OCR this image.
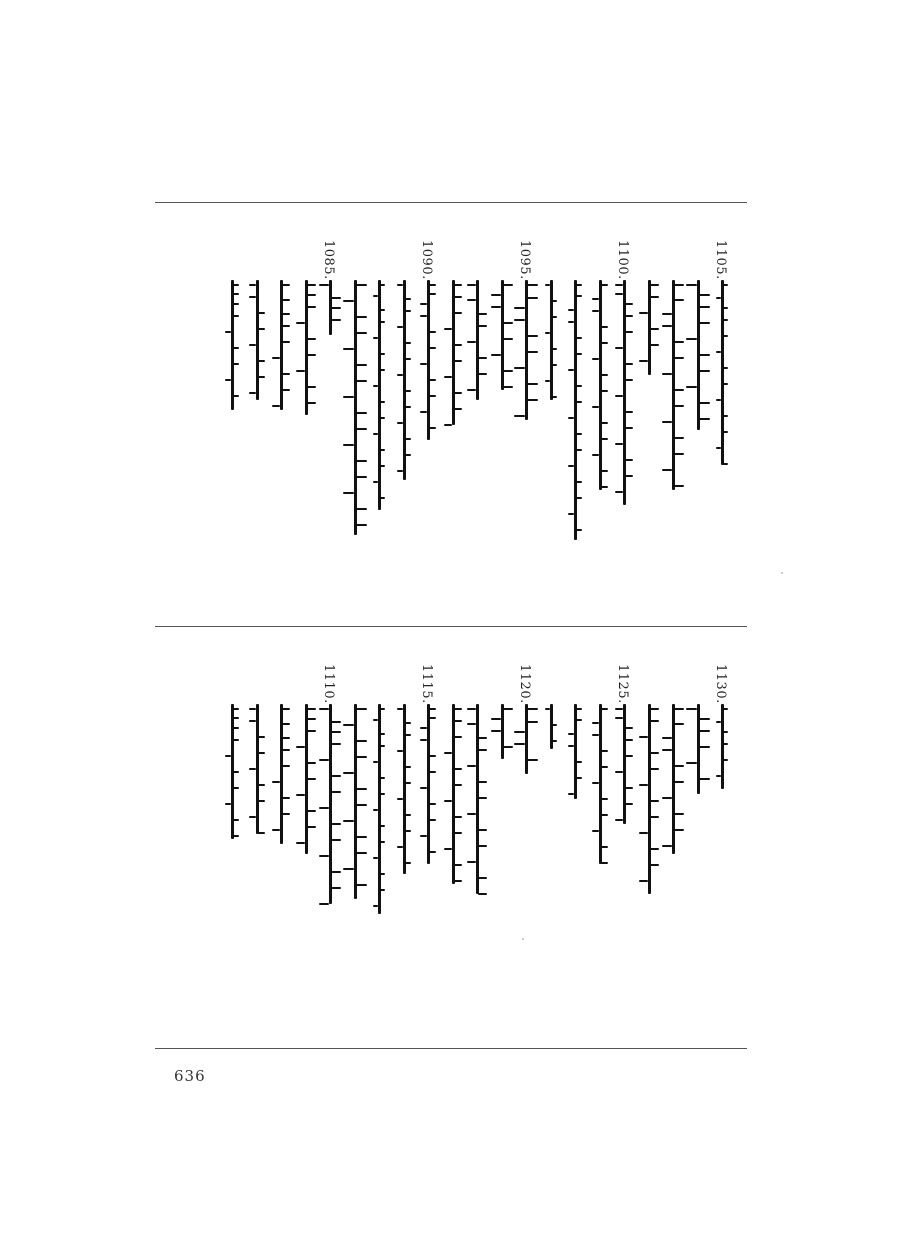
1105.
1100.
1095.
1090.
1085.
1130.
1125.
1120.
1115.
1110.
636
